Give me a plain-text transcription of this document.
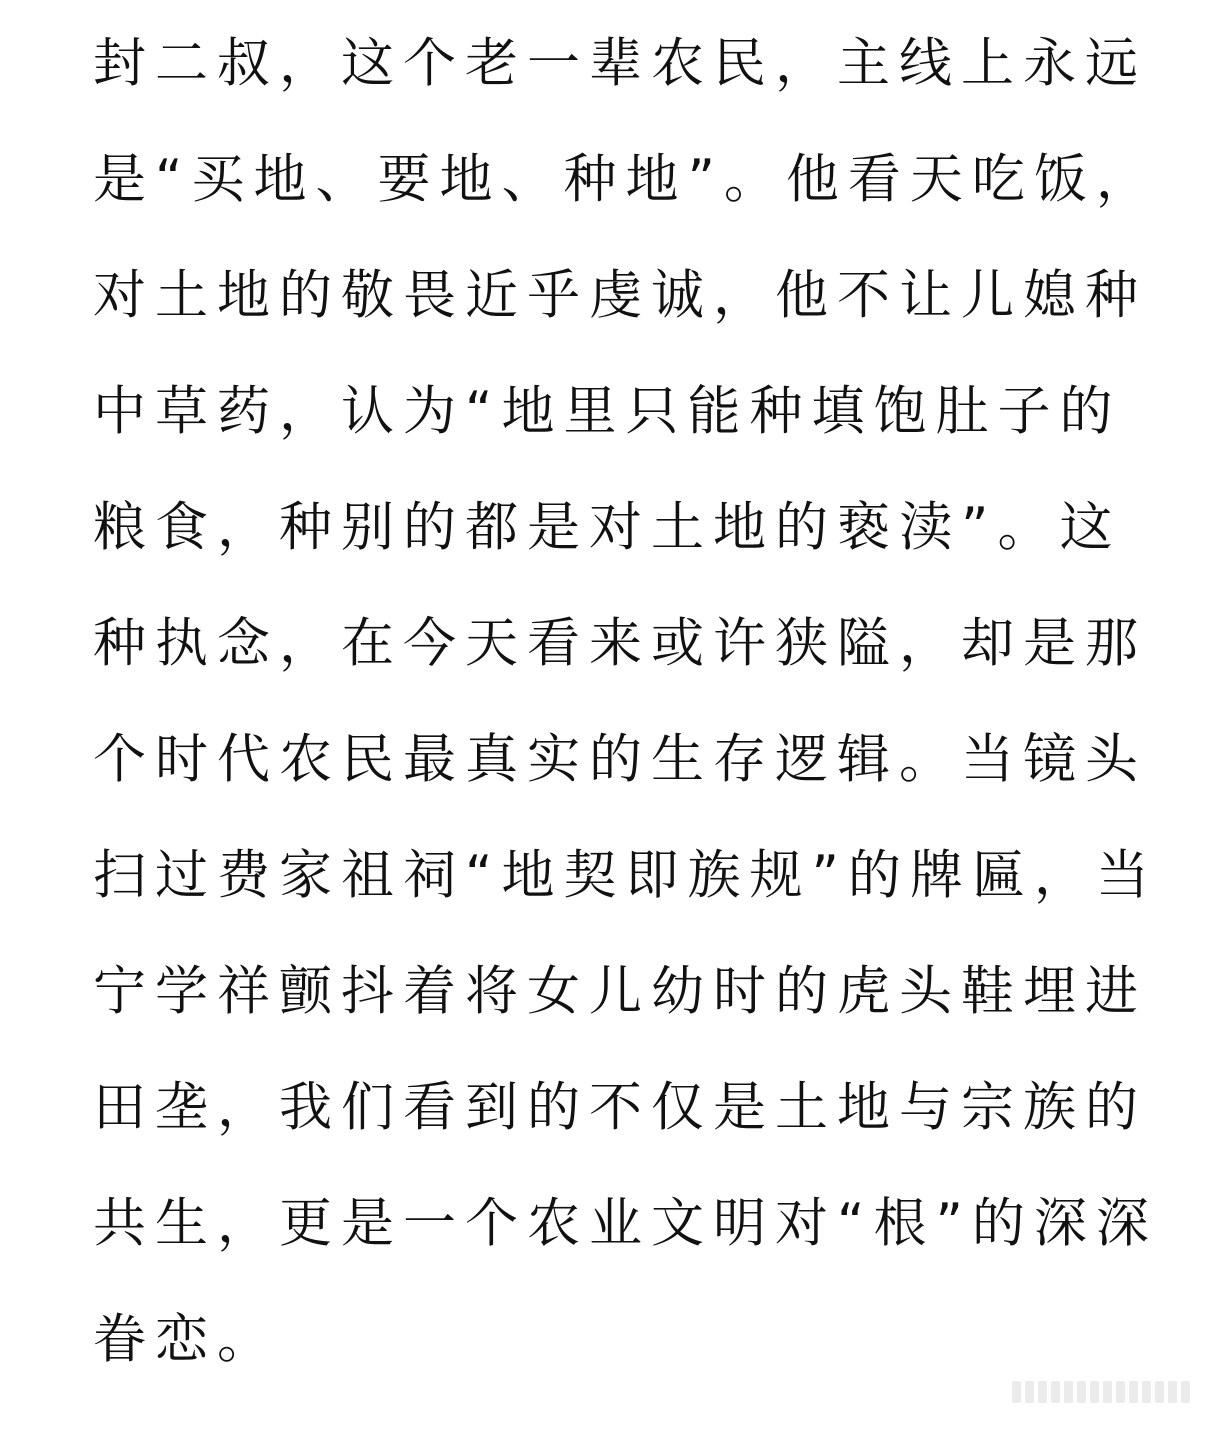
封二叔，这个老一辈农民，主线上永远
是“买地、要地、种地”。他看天吃饭，
对土地的敬畏近乎虔诚，他不让儿媳种
中草药，认为“地里只能种填饱肚子的
粮食，种别的都是对土地的亵渎”。这
种执念，在今天看来或许狭隘，却是那
个时代农民最真实的生存逻辑。当镜头
扫过费家祖祠“地契即族规”的牌匾，当
宁学祥颤抖着将女儿幼时的虎头鞋埋进
田垄，我们看到的不仅是土地与宗族的
共生，更是一个农业文明对“根”的深深
眷恋。
